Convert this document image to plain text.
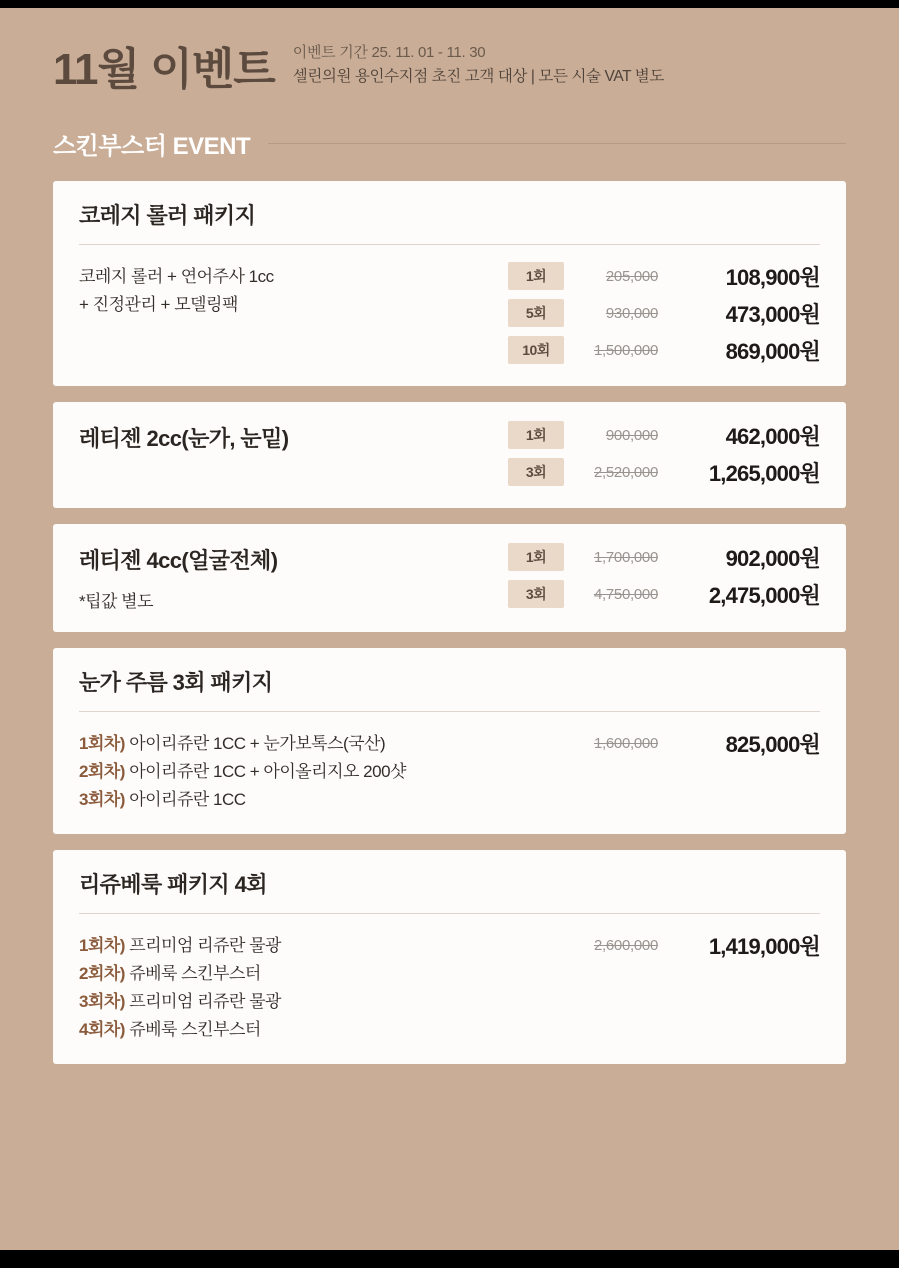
11월 이벤트 이벤트 기간 25. 11. 01 - 11. 30
셀린의원 용인수지점 초진 고객 대상 | 모든 시술 VAT 별도
스킨부스터 EVENT
코레지 롤러 패키지
코레지 롤러 + 연어주사 1cc
+ 진정관리 + 모델링팩
1회	205,000	108,900원
5회	930,000	473,000원
10회	1,500,000	869,000원
레티젠 2cc(눈가, 눈밑)	1회	900,000	462,000원
3회	2,520,000	1,265,000원
레티젠 4cc(얼굴전체)
*팁값 별도
1회	1,700,000	902,000원
3회	4,750,000	2,475,000원
눈가 주름 3회 패키지
1회차) 아이리쥬란 1CC + 눈가보톡스(국산)
2회차) 아이리쥬란 1CC + 아이올리지오 200샷
3회차) 아이리쥬란 1CC
1,600,000	825,000원
리쥬베룩 패키지 4회
1회차) 프리미엄 리쥬란 물광
2회차) 쥬베룩 스킨부스터
3회차) 프리미엄 리쥬란 물광
4회차) 쥬베룩 스킨부스터
2,600,000	1,419,000원
